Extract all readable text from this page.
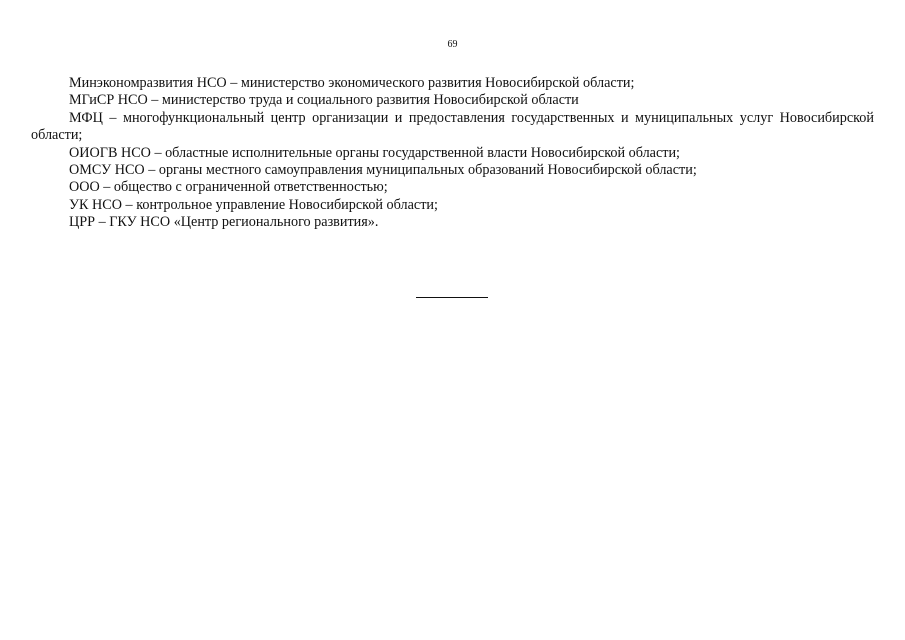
69

Минэкономразвития НСО – министерство экономического развития Новосибирской области;

МГиСР НСО – министерство труда и социального развития Новосибирской области

МФЦ – многофункциональный центр организации и предоставления государственных и муниципальных услуг Новосибирской области;

ОИОГВ НСО – областные исполнительные органы государственной власти Новосибирской области;

ОМСУ НСО – органы местного самоуправления муниципальных образований Новосибирской области;

ООО – общество с ограниченной ответственностью;

УК НСО – контрольное управление Новосибирской области;

ЦРР – ГКУ НСО «Центр регионального развития».
